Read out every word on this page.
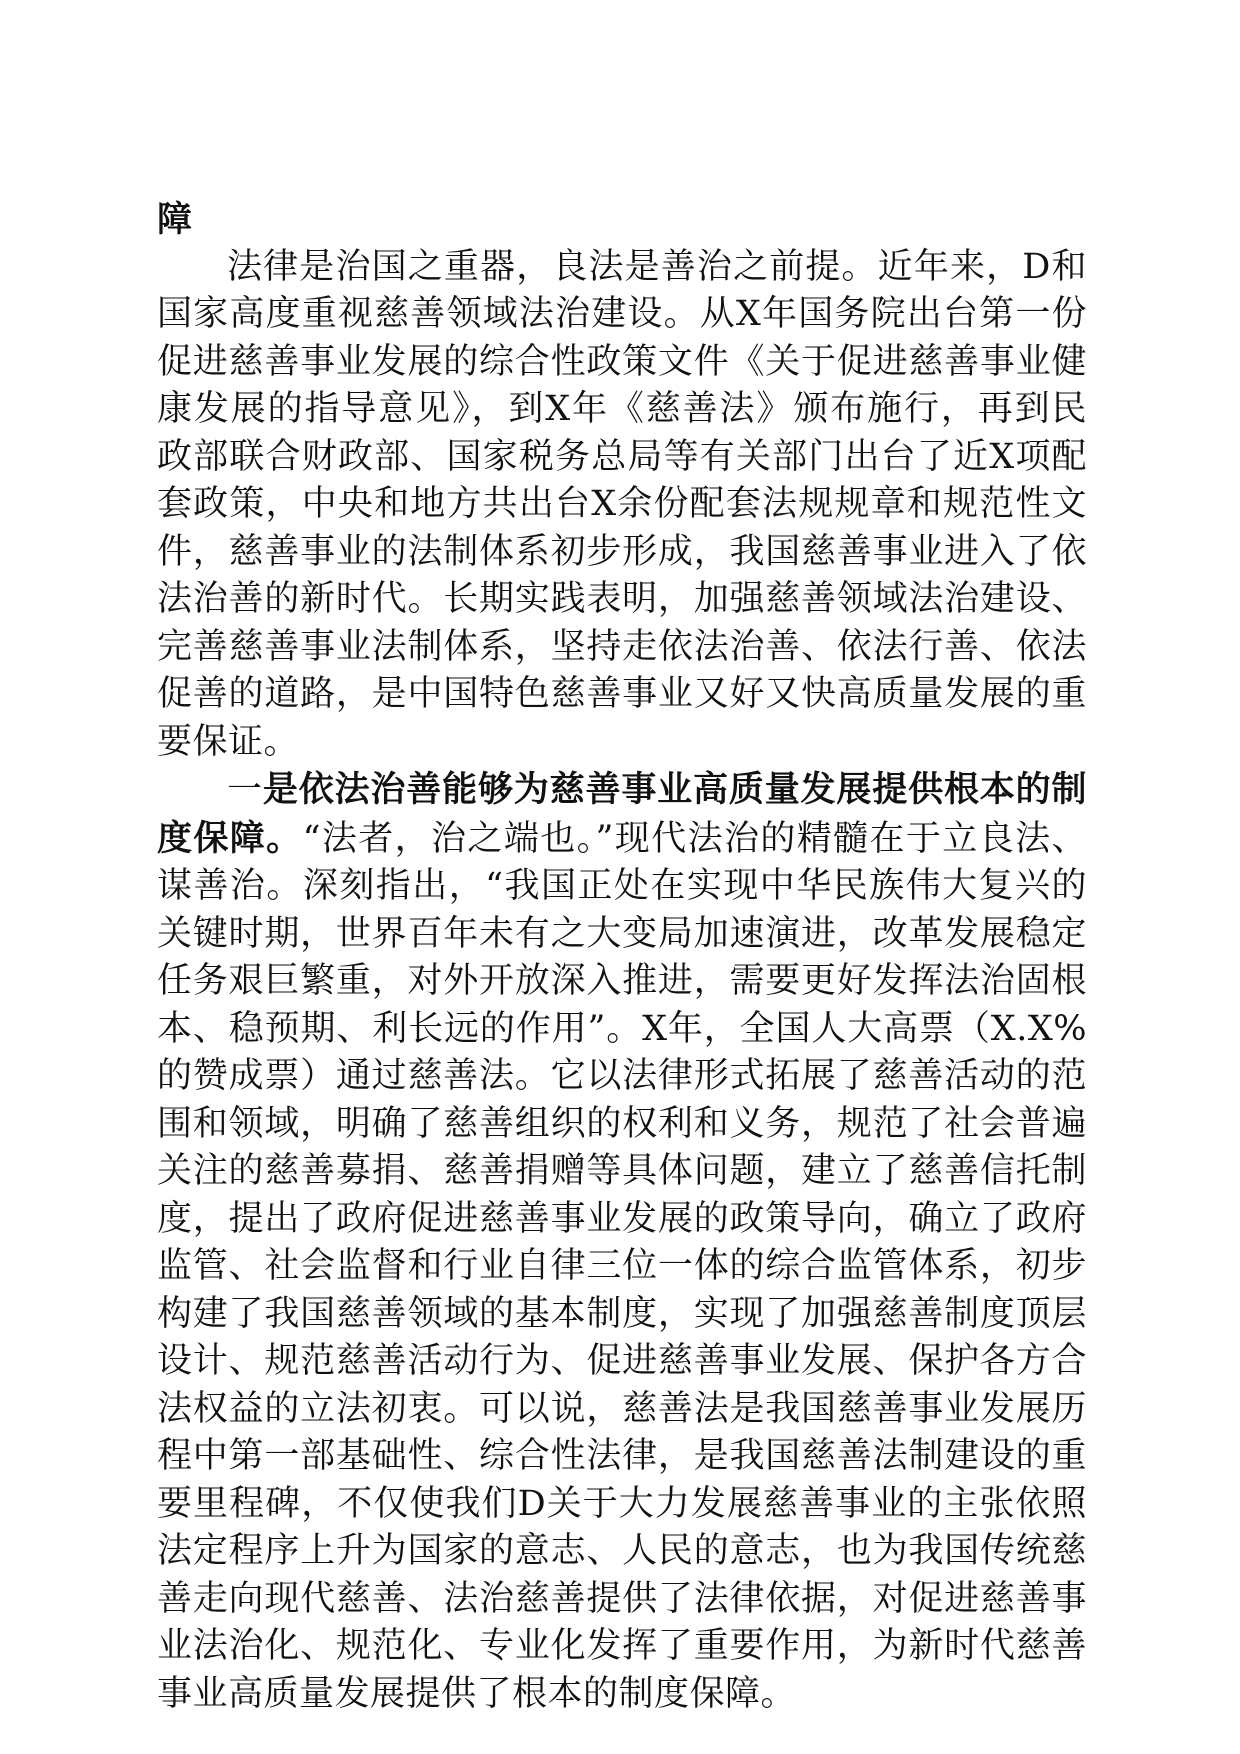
障

法律是治国之重器，良法是善治之前提。近年来，D和国家高度重视慈善领域法治建设。从X年国务院出台第一份促进慈善事业发展的综合性政策文件《关于促进慈善事业健康发展的指导意见》，到X年《慈善法》颁布施行，再到民政部联合财政部、国家税务总局等有关部门出台了近X项配套政策，中央和地方共出台X余份配套法规规章和规范性文件，慈善事业的法制体系初步形成，我国慈善事业进入了依法治善的新时代。长期实践表明，加强慈善领域法治建设、完善慈善事业法制体系，坚持走依法治善、依法行善、依法促善的道路，是中国特色慈善事业又好又快高质量发展的重要保证。

一是依法治善能够为慈善事业高质量发展提供根本的制度保障。“法者，治之端也。”现代法治的精髓在于立良法、谋善治。深刻指出，“我国正处在实现中华民族伟大复兴的关键时期，世界百年未有之大变局加速演进，改革发展稳定任务艰巨繁重，对外开放深入推进，需要更好发挥法治固根本、稳预期、利长远的作用”。X年，全国人大高票（X.X%的赞成票）通过慈善法。它以法律形式拓展了慈善活动的范围和领域，明确了慈善组织的权利和义务，规范了社会普遍关注的慈善募捐、慈善捐赠等具体问题，建立了慈善信托制度，提出了政府促进慈善事业发展的政策导向，确立了政府监管、社会监督和行业自律三位一体的综合监管体系，初步构建了我国慈善领域的基本制度，实现了加强慈善制度顶层设计、规范慈善活动行为、促进慈善事业发展、保护各方合法权益的立法初衷。可以说，慈善法是我国慈善事业发展历程中第一部基础性、综合性法律，是我国慈善法制建设的重要里程碑，不仅使我们D关于大力发展慈善事业的主张依照法定程序上升为国家的意志、人民的意志，也为我国传统慈善走向现代慈善、法治慈善提供了法律依据，对促进慈善事业法治化、规范化、专业化发挥了重要作用，为新时代慈善事业高质量发展提供了根本的制度保障。
